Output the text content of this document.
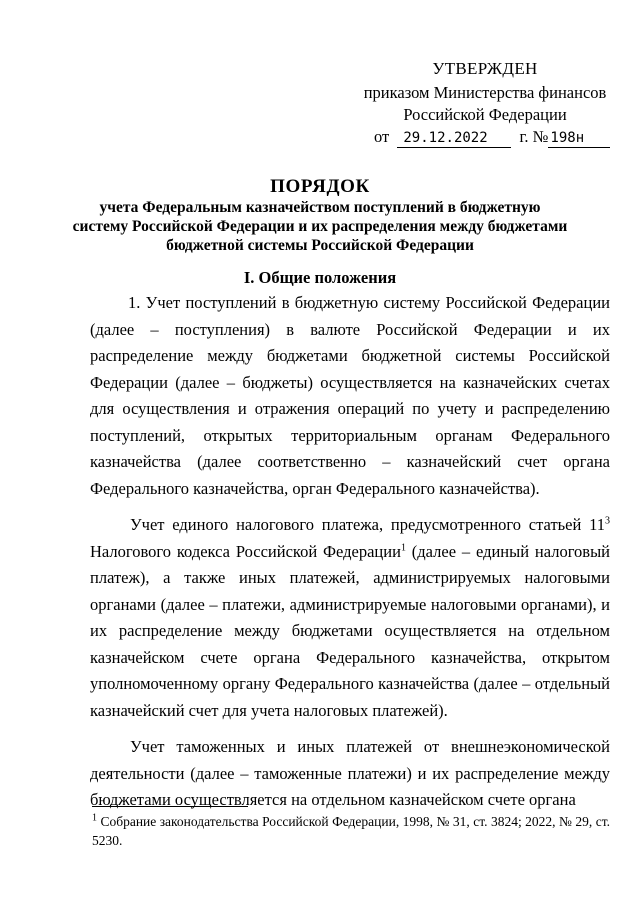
УТВЕРЖДЕН
приказом Министерства финансов
Российской Федерации
от 29.12.2022 г. № 198н
ПОРЯДОК
учета Федеральным казначейством поступлений в бюджетную систему Российской Федерации и их распределения между бюджетами бюджетной системы Российской Федерации
I. Общие положения

1. Учет поступлений в бюджетную систему Российской Федерации (далее – поступления) в валюте Российской Федерации и их распределение между бюджетами бюджетной системы Российской Федерации (далее – бюджеты) осуществляется на казначейских счетах для осуществления и отражения операций по учету и распределению поступлений, открытых территориальным органам Федерального казначейства (далее соответственно – казначейский счет органа Федерального казначейства, орган Федерального казначейства).

Учет единого налогового платежа, предусмотренного статьей $11^3$ Налогового кодекса Российской Федерации$^1$ (далее – единый налоговый платеж), а также иных платежей, администрируемых налоговыми органами (далее – платежи, администрируемые налоговыми органами), и их распределение между бюджетами осуществляется на отдельном казначейском счете органа Федерального казначейства, открытом уполномоченному органу Федерального казначейства (далее – отдельный казначейский счет для учета налоговых платежей).

Учет таможенных и иных платежей от внешнеэкономической деятельности (далее – таможенные платежи) и их распределение между бюджетами осуществляется на отдельном казначейском счете органа

$^1$ Собрание законодательства Российской Федерации, 1998, № 31, ст. 3824; 2022, № 29, ст. 5230.
